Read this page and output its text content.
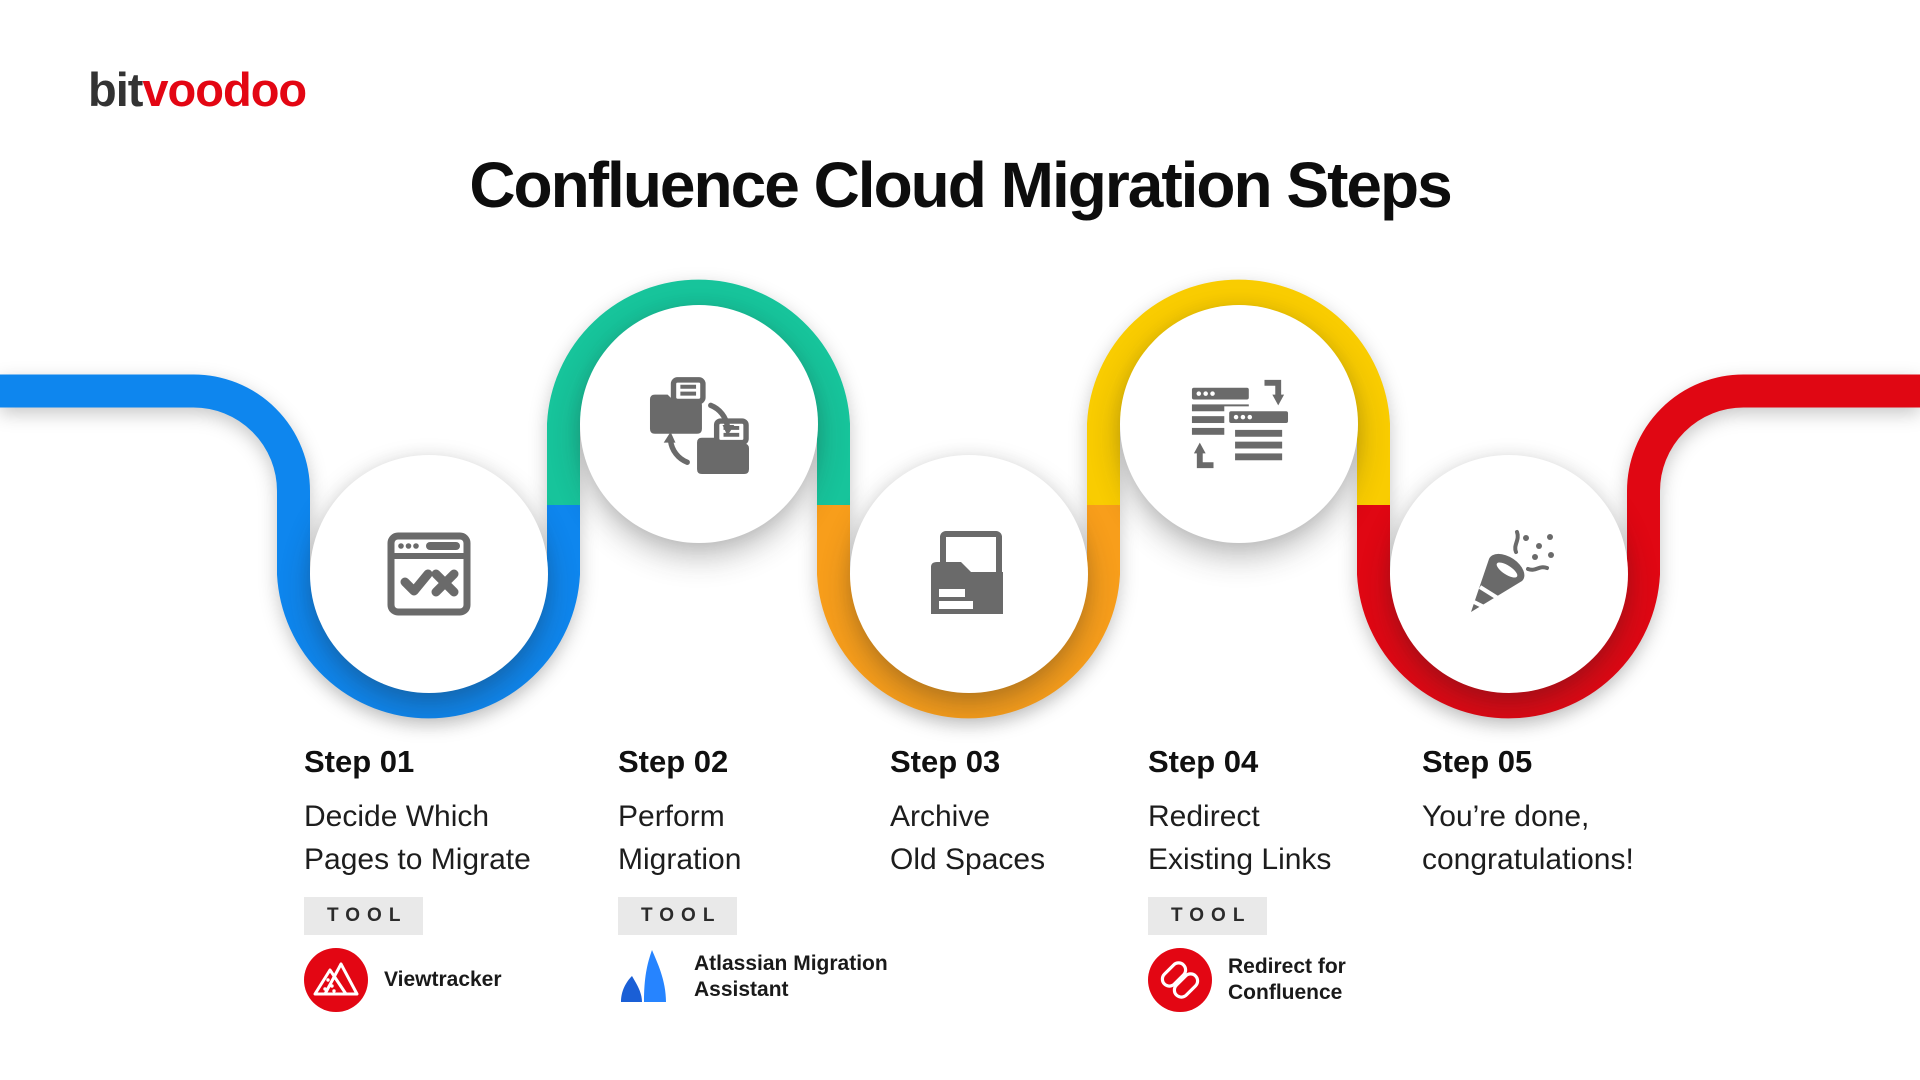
bitvoodoo
Confluence Cloud Migration Steps
Step 01
Decide Which
Pages to Migrate
TOOL
Viewtracker
Step 02
Perform
Migration
TOOL
Atlassian Migration
Assistant
Step 03
Archive
Old Spaces
Step 04
Redirect
Existing Links
TOOL
Redirect for
Confluence
Step 05
You’re done,
congratulations!
